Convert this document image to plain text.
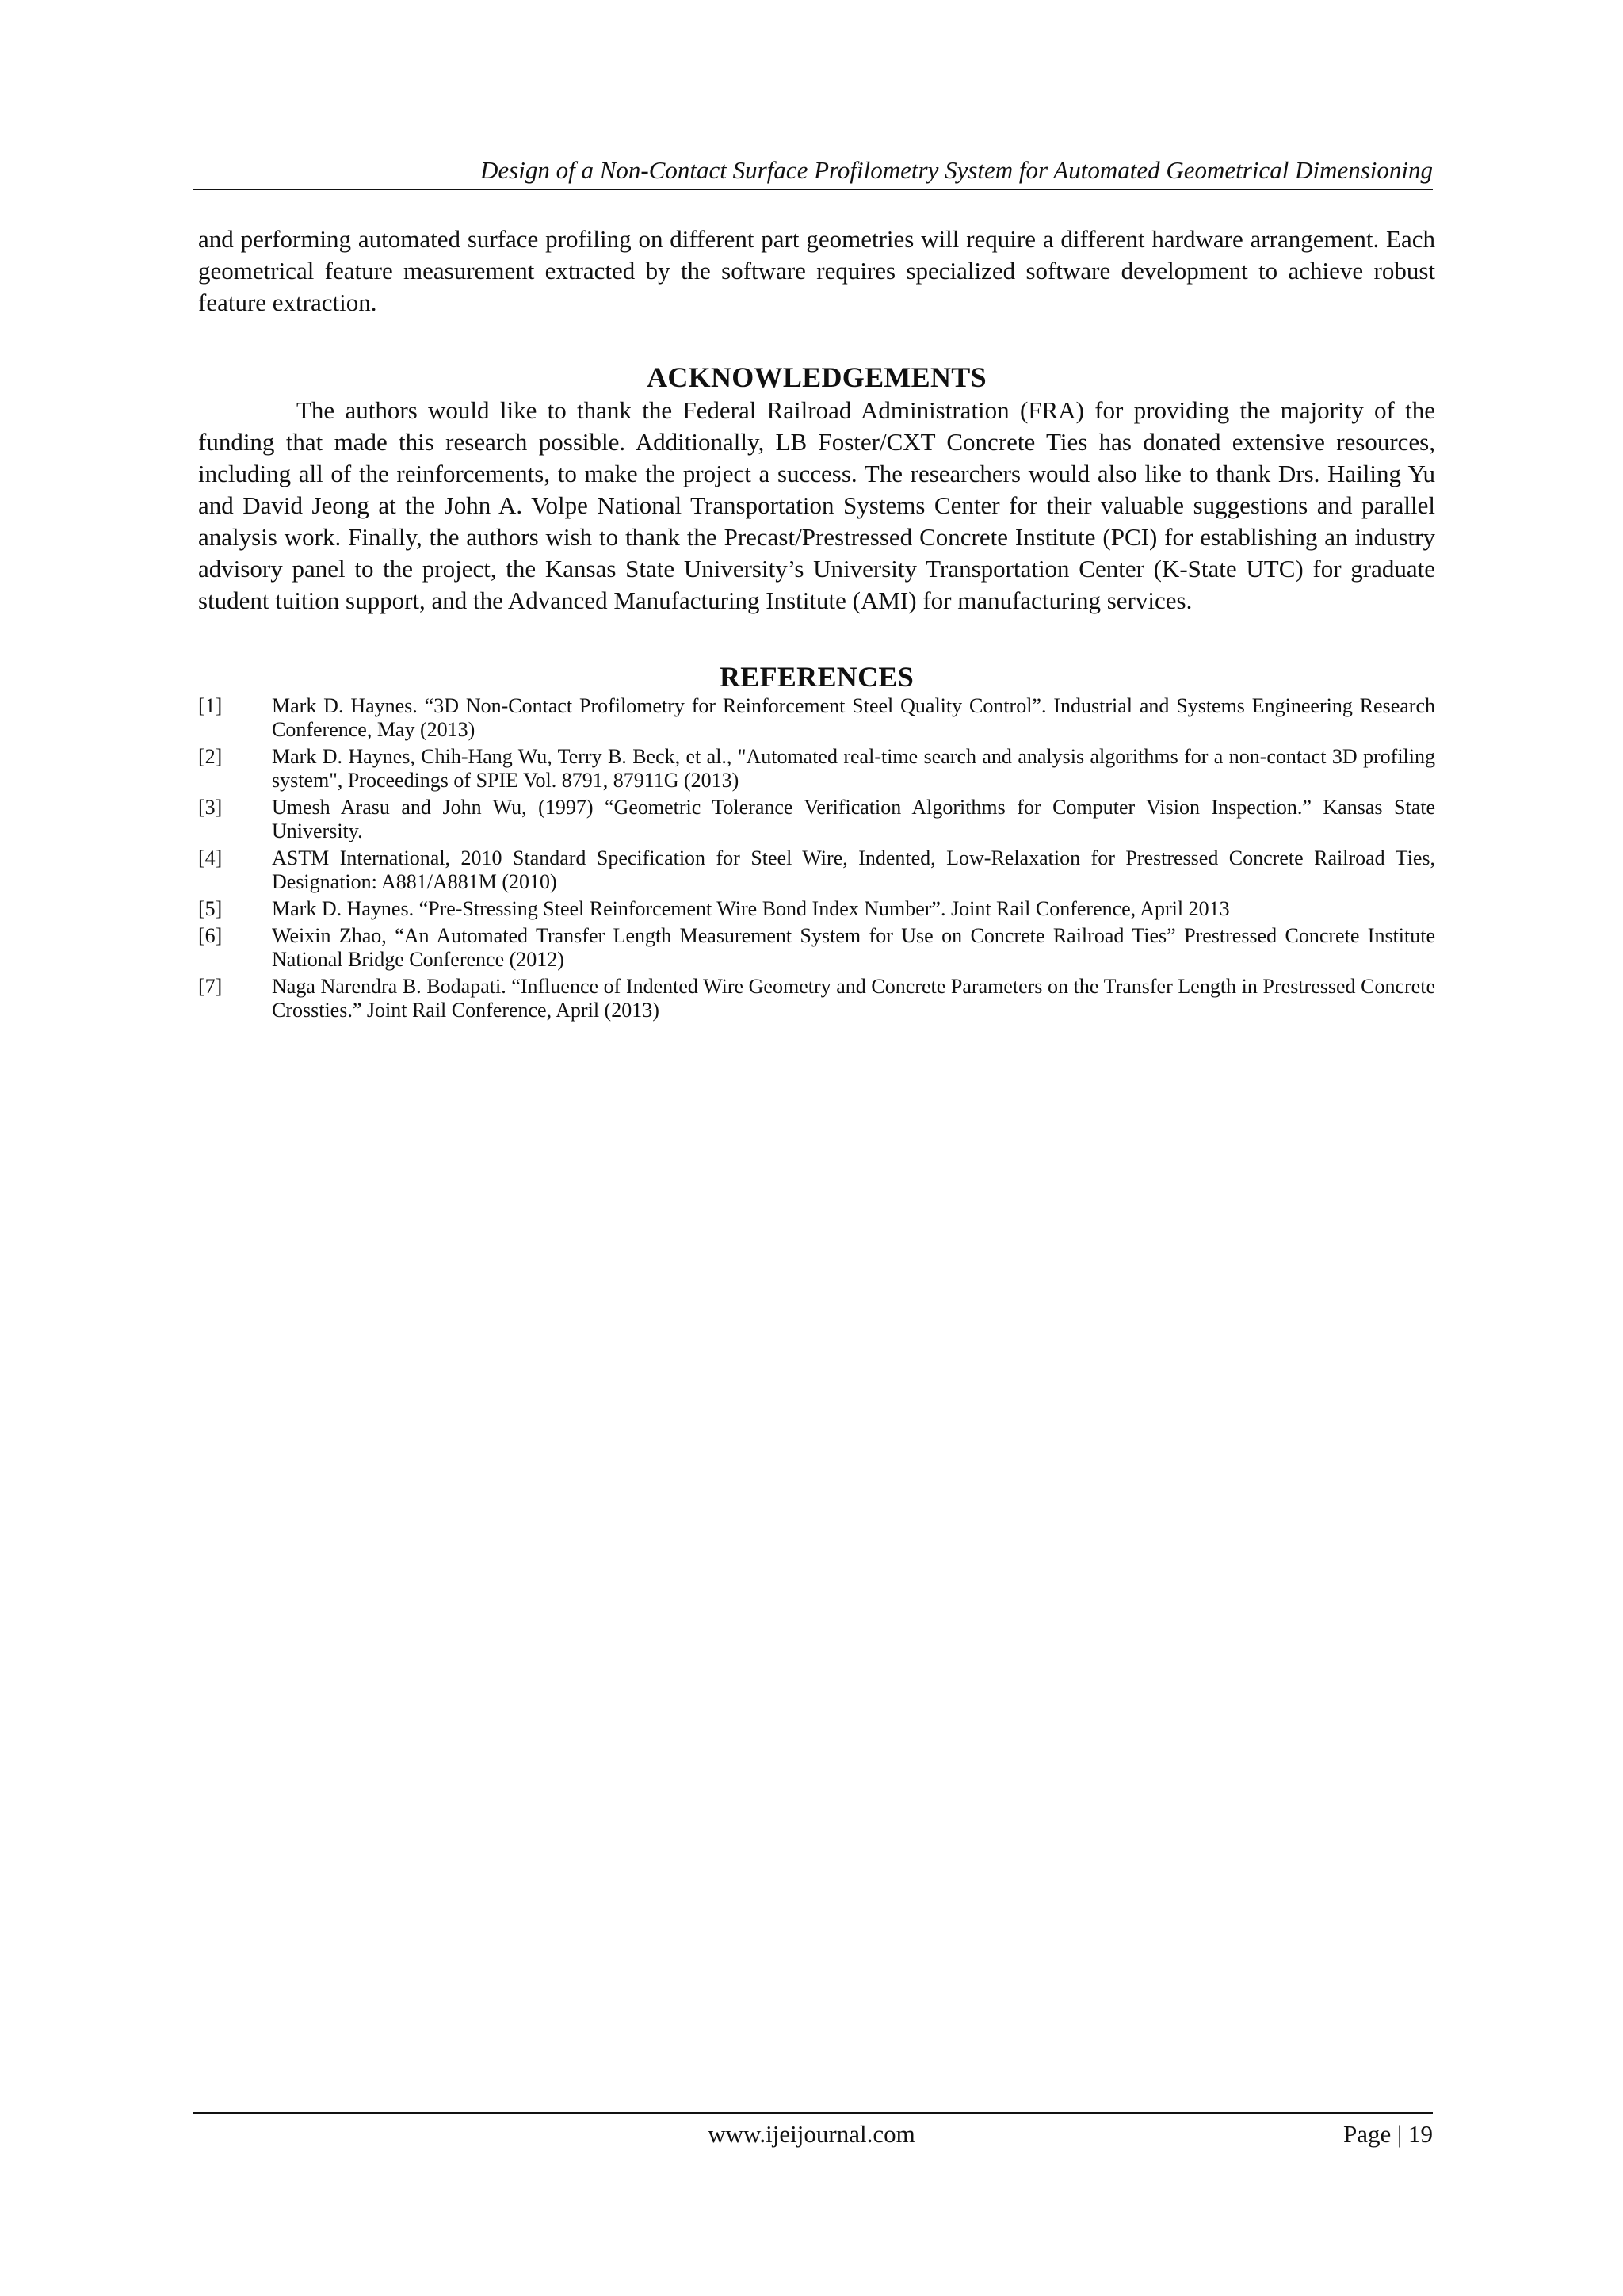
Design of a Non-Contact Surface Profilometry System for Automated Geometrical Dimensioning

and performing automated surface profiling on different part geometries will require a different hardware arrangement. Each geometrical feature measurement extracted by the software requires specialized software development to achieve robust feature extraction.

ACKNOWLEDGEMENTS

The authors would like to thank the Federal Railroad Administration (FRA) for providing the majority of the funding that made this research possible. Additionally, LB Foster/CXT Concrete Ties has donated extensive resources, including all of the reinforcements, to make the project a success. The researchers would also like to thank Drs. Hailing Yu and David Jeong at the John A. Volpe National Transportation Systems Center for their valuable suggestions and parallel analysis work. Finally, the authors wish to thank the Precast/Prestressed Concrete Institute (PCI) for establishing an industry advisory panel to the project, the Kansas State University’s University Transportation Center (K-State UTC) for graduate student tuition support, and the Advanced Manufacturing Institute (AMI) for manufacturing services.

REFERENCES
[1]	Mark D. Haynes. “3D Non-Contact Profilometry for Reinforcement Steel Quality Control”. Industrial and Systems Engineering Research Conference, May (2013)
[2]	Mark D. Haynes, Chih-Hang Wu, Terry B. Beck, et al., "Automated real-time search and analysis algorithms for a non-contact 3D profiling system", Proceedings of SPIE Vol. 8791, 87911G (2013)
[3]	Umesh Arasu and John Wu, (1997) “Geometric Tolerance Verification Algorithms for Computer Vision Inspection.” Kansas State University.
[4]	ASTM International, 2010 Standard Specification for Steel Wire, Indented, Low-Relaxation for Prestressed Concrete Railroad Ties, Designation: A881/A881M (2010)
[5]	Mark D. Haynes. “Pre-Stressing Steel Reinforcement Wire Bond Index Number”. Joint Rail Conference, April 2013
[6]	Weixin Zhao, “An Automated Transfer Length Measurement System for Use on Concrete Railroad Ties” Prestressed Concrete Institute National Bridge Conference (2012)
[7]	Naga Narendra B. Bodapati. “Influence of Indented Wire Geometry and Concrete Parameters on the Transfer Length in Prestressed Concrete Crossties.” Joint Rail Conference, April (2013)
www.ijeijournal.com	Page | 19
